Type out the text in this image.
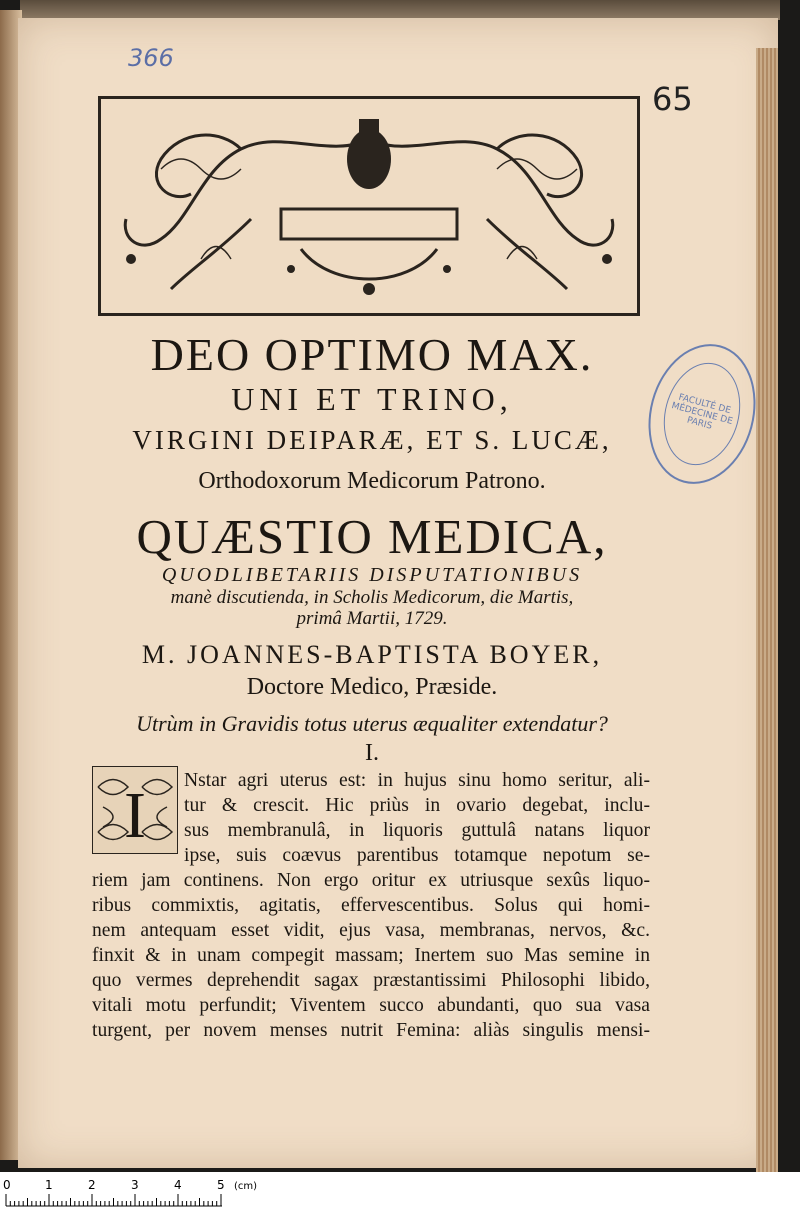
366
65
FACULTÉ DE MÉDECINE DE PARIS
DEO OPTIMO MAX.
UNI ET TRINO,
VIRGINI DEIPARÆ, ET S. LUCÆ,
Orthodoxorum Medicorum Patrono.
QUÆSTIO MEDICA,
QUODLIBETARIIS DISPUTATIONIBUS
manè discutienda, in Scholis Medicorum, die Martis,
primâ Martii, 1729.
M. JOANNES-BAPTISTA BOYER,
Doctore Medico, Præside.
Utrùm in Gravidis totus uterus æqualiter extendatur?
I.
I Nstar agri uterus est: in hujus sinu homo seritur, ali-
tur & crescit. Hic priùs in ovario degebat, inclu-
sus membranulâ, in liquoris guttulâ natans liquor
ipse, suis coævus parentibus totamque nepotum se-
riem jam continens. Non ergo oritur ex utriusque sexûs liquo-
ribus commixtis, agitatis, effervescentibus. Solus qui homi-
nem antequam esset vidit, ejus vasa, membranas, nervos, &c.
finxit & in unam compegit massam; Inertem suo Mas semine in
quo vermes deprehendit sagax præstantissimi Philosophi libido,
vitali motu perfundit; Viventem succo abundanti, quo sua vasa
turgent, per novem menses nutrit Femina: aliàs singulis mensi-
0	1	2	3	4	5 (cm)
